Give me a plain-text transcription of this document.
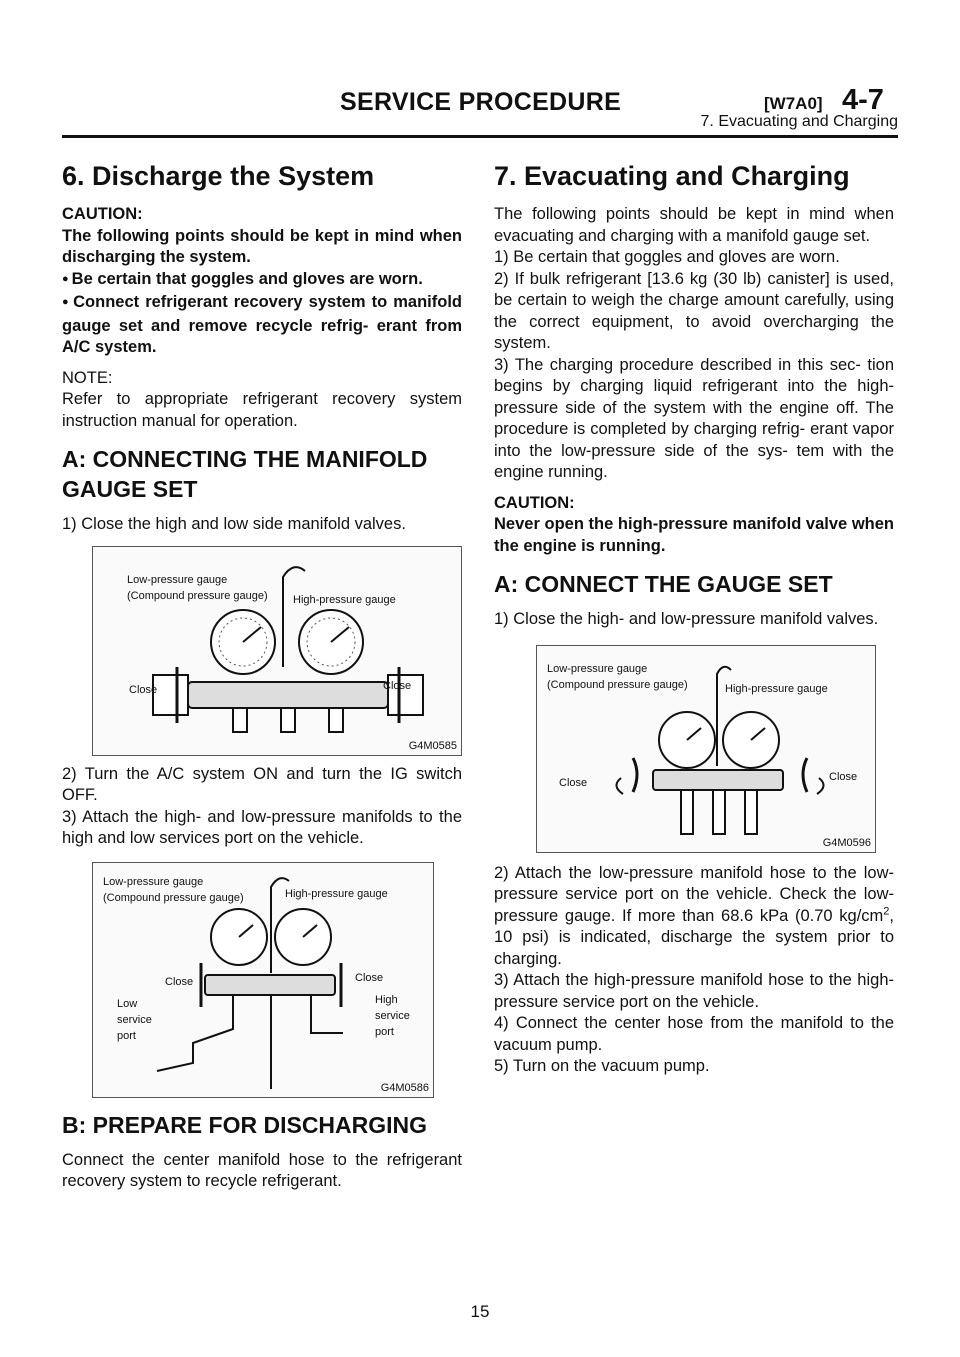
SERVICE PROCEDURE	[W7A0] 4-7
7. Evacuating and Charging
6. Discharge the System

CAUTION:

The following points should be kept in mind when discharging the system.

● Be certain that goggles and gloves are worn.

● Connect refrigerant recovery system to manifold gauge set and remove recycle refrig- erant from A/C system.

NOTE:

Refer to appropriate refrigerant recovery system instruction manual for operation.

A: CONNECTING THE MANIFOLD GAUGE SET

1) Close the high and low side manifold valves.

Low-pressure gauge
(Compound pressure gauge) High-pressure gauge
Close	Close
G4M0585

2) Turn the A/C system ON and turn the IG switch OFF.

3) Attach the high- and low-pressure manifolds to the high and low services port on the vehicle.

Low-pressure gauge
(Compound pressure gauge)	High-pressure gauge
Close	Close
Low
service
port
High
service
port
G4M0586
B: PREPARE FOR DISCHARGING

Connect the center manifold hose to the refrigerant recovery system to recycle refrigerant.

7. Evacuating and Charging

The following points should be kept in mind when evacuating and charging with a manifold gauge set.

1) Be certain that goggles and gloves are worn.

2) If bulk refrigerant [13.6 kg (30 lb) canister] is used, be certain to weigh the charge amount carefully, using the correct equipment, to avoid overcharging the system.

3) The charging procedure described in this sec- tion begins by charging liquid refrigerant into the high- pressure side of the system with the engine off. The procedure is completed by charging refrig- erant vapor into the low-pressure side of the sys- tem with the engine running.

CAUTION:

Never open the high-pressure manifold valve when the engine is running.

A: CONNECT THE GAUGE SET

1) Close the high- and low-pressure manifold valves.

Low-pressure gauge
(Compound pressure gauge)	High-pressure gauge
Close	Close
G4M0596

2) Attach the low-pressure manifold hose to the low- pressure service port on the vehicle. Check the low- pressure gauge. If more than 68.6 kPa (0.70 $kg/cm^2$, 10 psi) is indicated, discharge the system prior to charging.

3) Attach the high-pressure manifold hose to the high- pressure service port on the vehicle.

4) Connect the center hose from the manifold to the vacuum pump.

5) Turn on the vacuum pump.

15
